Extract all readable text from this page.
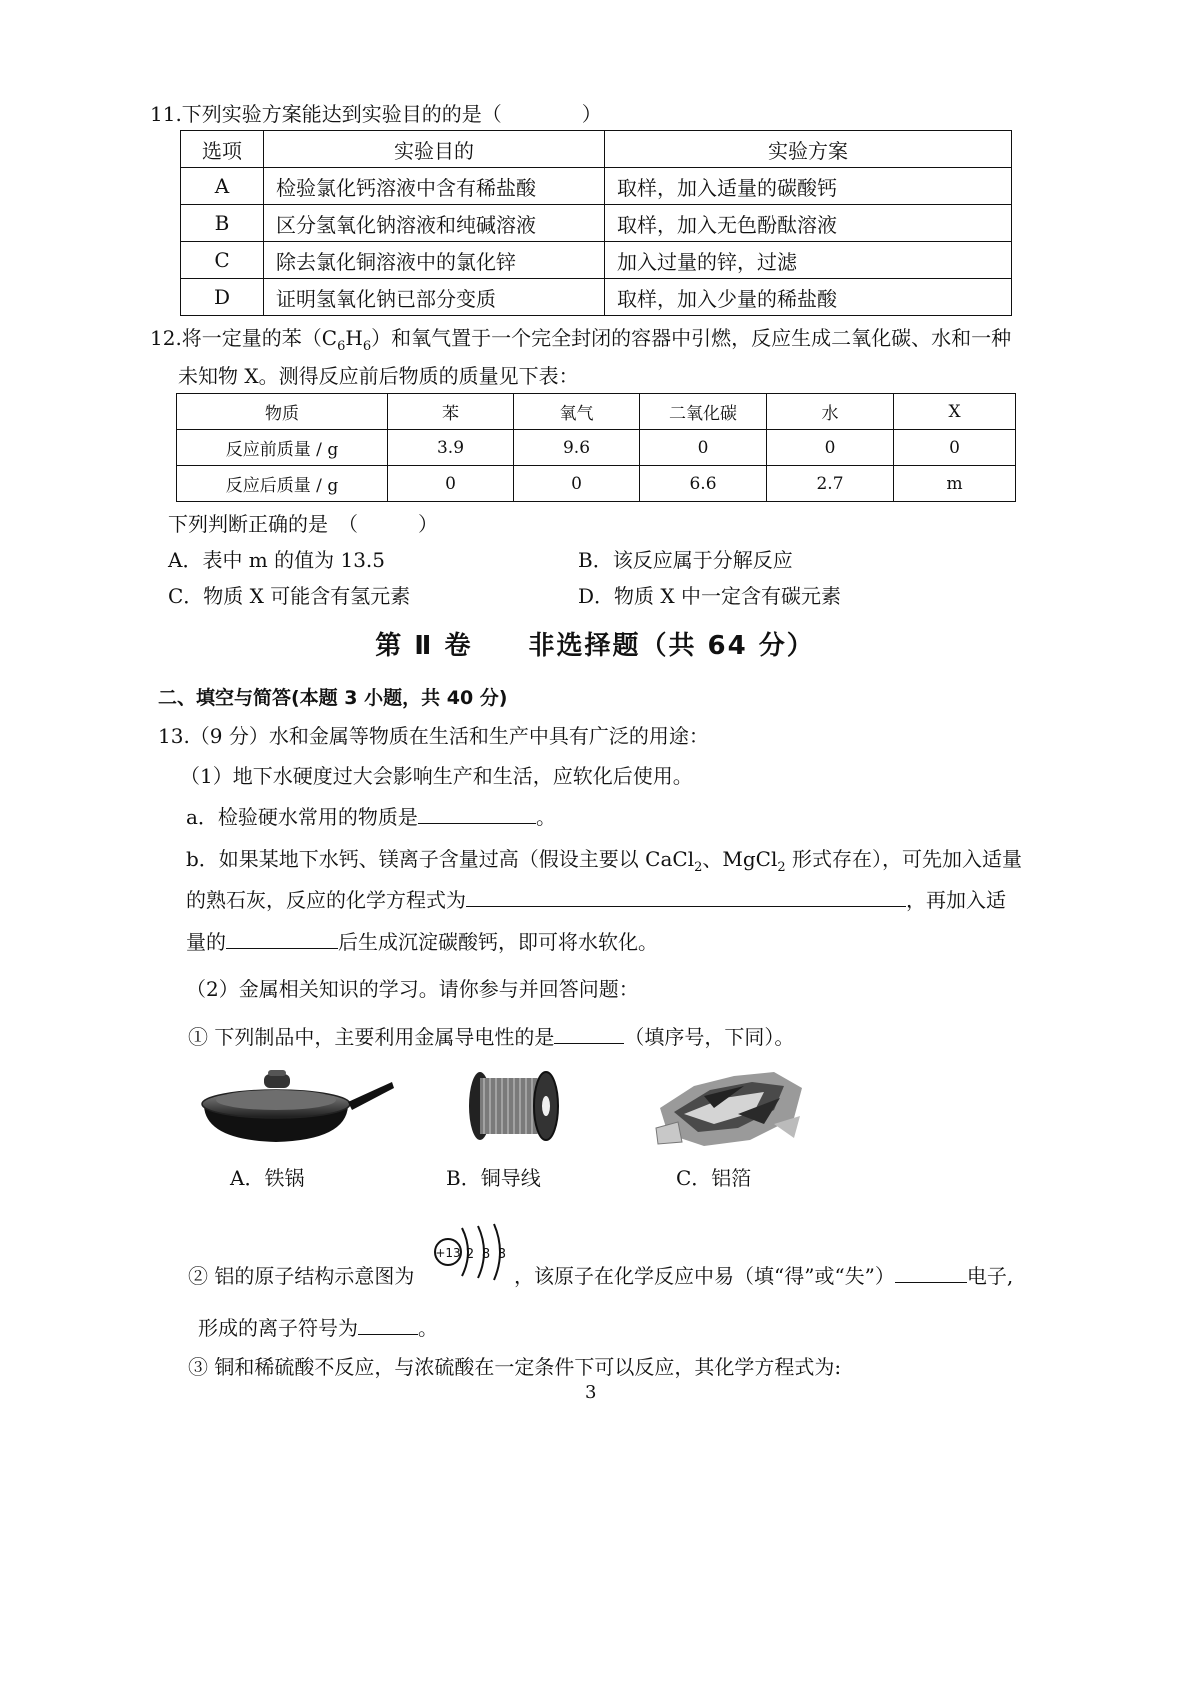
11.下列实验方案能达到实验目的的是（　　　　）
选项	实验目的	实验方案
A	检验氯化钙溶液中含有稀盐酸	取样，加入适量的碳酸钙
B	区分氢氧化钠溶液和纯碱溶液	取样，加入无色酚酞溶液
C	除去氯化铜溶液中的氯化锌	加入过量的锌，过滤
D	证明氢氧化钠已部分变质	取样，加入少量的稀盐酸
12.将一定量的苯$(C_6H_6)$和氧气置于一个完全封闭的容器中引燃，反应生成二氧化碳、水和一种
未知物 X。测得反应前后物质的质量见下表：
物质	苯	氧气	二氧化碳	水	X
反应前质量 / g	3.9	9.6	0	0	0
反应后质量 / g	0	0	6.6	2.7	m
下列判断正确的是　（　　　）
A．表中 m 的值为 13.5	B．该反应属于分解反应
C．物质 X 可能含有氢元素	D．物质 X 中一定含有碳元素
第 Ⅱ 卷　　非选择题（共 64 分）
二、填空与简答(本题 3 小题，共 40 分)
13.（9 分）水和金属等物质在生活和生产中具有广泛的用途：
（1）地下水硬度过大会影响生产和生活，应软化后使用。
a．检验硬水常用的物质是	。
b．如果某地下水钙、镁离子含量过高（假设主要以 CaCl$_2$、MgCl$_2$ 形式存在），可先加入适量
的熟石灰，反应的化学方程式为	，再加入适
量的	后生成沉淀碳酸钙，即可将水软化。
（2）金属相关知识的学习。请你参与并回答问题：
① 下列制品中，主要利用金属导电性的是	（填序号，下同）。
A．铁锅	B．铜导线	C．铝箔
② 铝的原子结构示意图为
+13 2 8 3
，该原子在化学反应中易（填“得”或“失”）	电子,
形成的离子符号为	。
③ 铜和稀硫酸不反应，与浓硫酸在一定条件下可以反应，其化学方程式为:
3
